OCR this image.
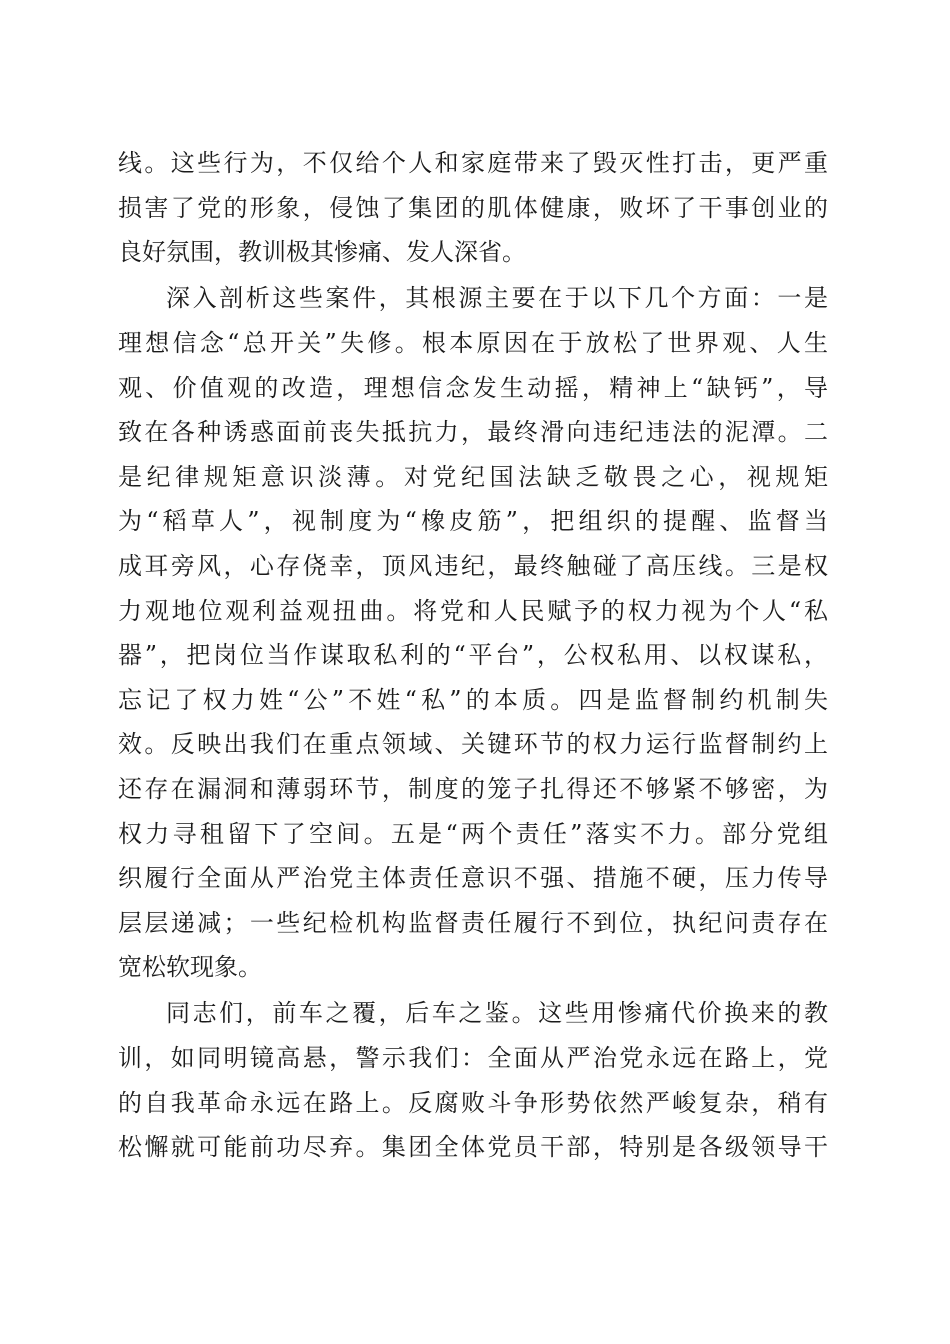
线。这些行为，不仅给个人和家庭带来了毁灭性打击，更严重
损害了党的形象，侵蚀了集团的肌体健康，败坏了干事创业的
良好氛围，教训极其惨痛、发人深省。
深入剖析这些案件，其根源主要在于以下几个方面：一是
理想信念“总开关”失修。根本原因在于放松了世界观、人生
观、价值观的改造，理想信念发生动摇，精神上“缺钙”，导
致在各种诱惑面前丧失抵抗力，最终滑向违纪违法的泥潭。二
是纪律规矩意识淡薄。对党纪国法缺乏敬畏之心，视规矩
为“稻草人”，视制度为“橡皮筋”，把组织的提醒、监督当
成耳旁风，心存侥幸，顶风违纪，最终触碰了高压线。三是权
力观地位观利益观扭曲。将党和人民赋予的权力视为个人“私
器”，把岗位当作谋取私利的“平台”，公权私用、以权谋私，
忘记了权力姓“公”不姓“私”的本质。四是监督制约机制失
效。反映出我们在重点领域、关键环节的权力运行监督制约上
还存在漏洞和薄弱环节，制度的笼子扎得还不够紧不够密，为
权力寻租留下了空间。五是“两个责任”落实不力。部分党组
织履行全面从严治党主体责任意识不强、措施不硬，压力传导
层层递减；一些纪检机构监督责任履行不到位，执纪问责存在
宽松软现象。
同志们，前车之覆，后车之鉴。这些用惨痛代价换来的教
训，如同明镜高悬，警示我们：全面从严治党永远在路上，党
的自我革命永远在路上。反腐败斗争形势依然严峻复杂，稍有
松懈就可能前功尽弃。集团全体党员干部，特别是各级领导干
